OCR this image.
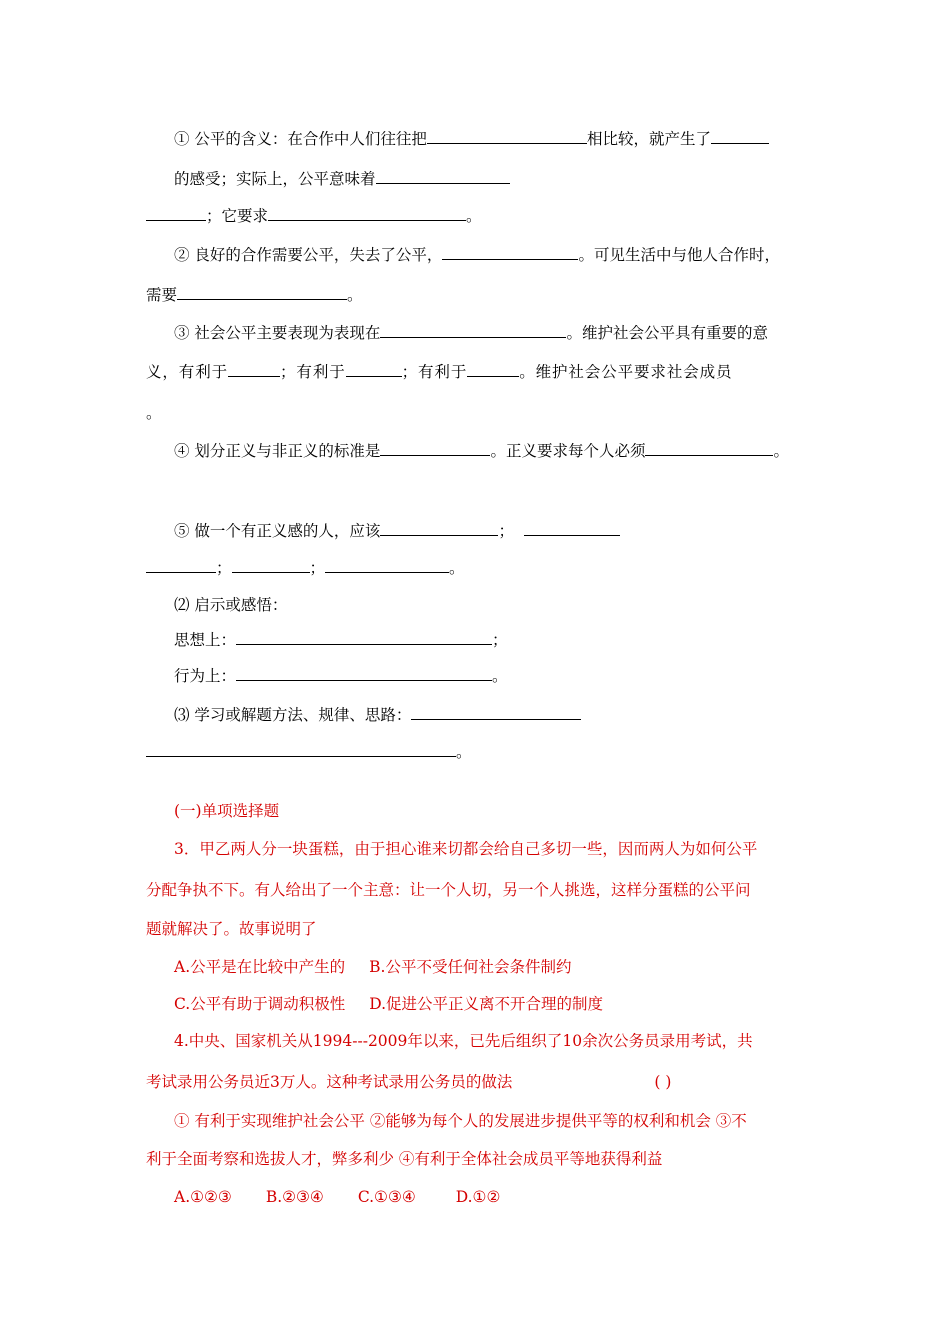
① 公平的含义：在合作中人们往往把	相比较，就产生了
的感受；实际上，公平意味着
；它要求	。
② 良好的合作需要公平，失去了公平，	。可见生活中与他人合作时，
需要	。
③ 社会公平主要表现为表现在	。维护社会公平具有重要的意
义，有利于	；有利于	；有利于	。维护社会公平要求社会成员
。
④ 划分正义与非正义的标准是	。正义要求每个人必须	。
⑤ 做一个有正义感的人，应该	；
；	；	。
⑵ 启示或感悟：
思想上：	；
行为上：	。
⑶ 学习或解题方法、规律、思路：
。
(一)单项选择题
3．甲乙两人分一块蛋糕，由于担心谁来切都会给自己多切一些，因而两人为如何公平
分配争执不下。有人给出了一个主意：让一个人切，另一个人挑选，这样分蛋糕的公平问
题就解决了。故事说明了
A.公平是在比较中产生的 B.公平不受任何社会条件制约
C.公平有助于调动积极性 D.促进公平正义离不开合理的制度
4.中央、国家机关从1994---2009年以来，已先后组织了10余次公务员录用考试，共
考试录用公务员近3万人。这种考试录用公务员的做法	( )
① 有利于实现维护社会公平 ②能够为每个人的发展进步提供平等的权利和机会 ③不
利于全面考察和选拔人才，弊多利少 ④有利于全体社会成员平等地获得利益
A.①②③ B.②③④ C.①③④	D.①②
